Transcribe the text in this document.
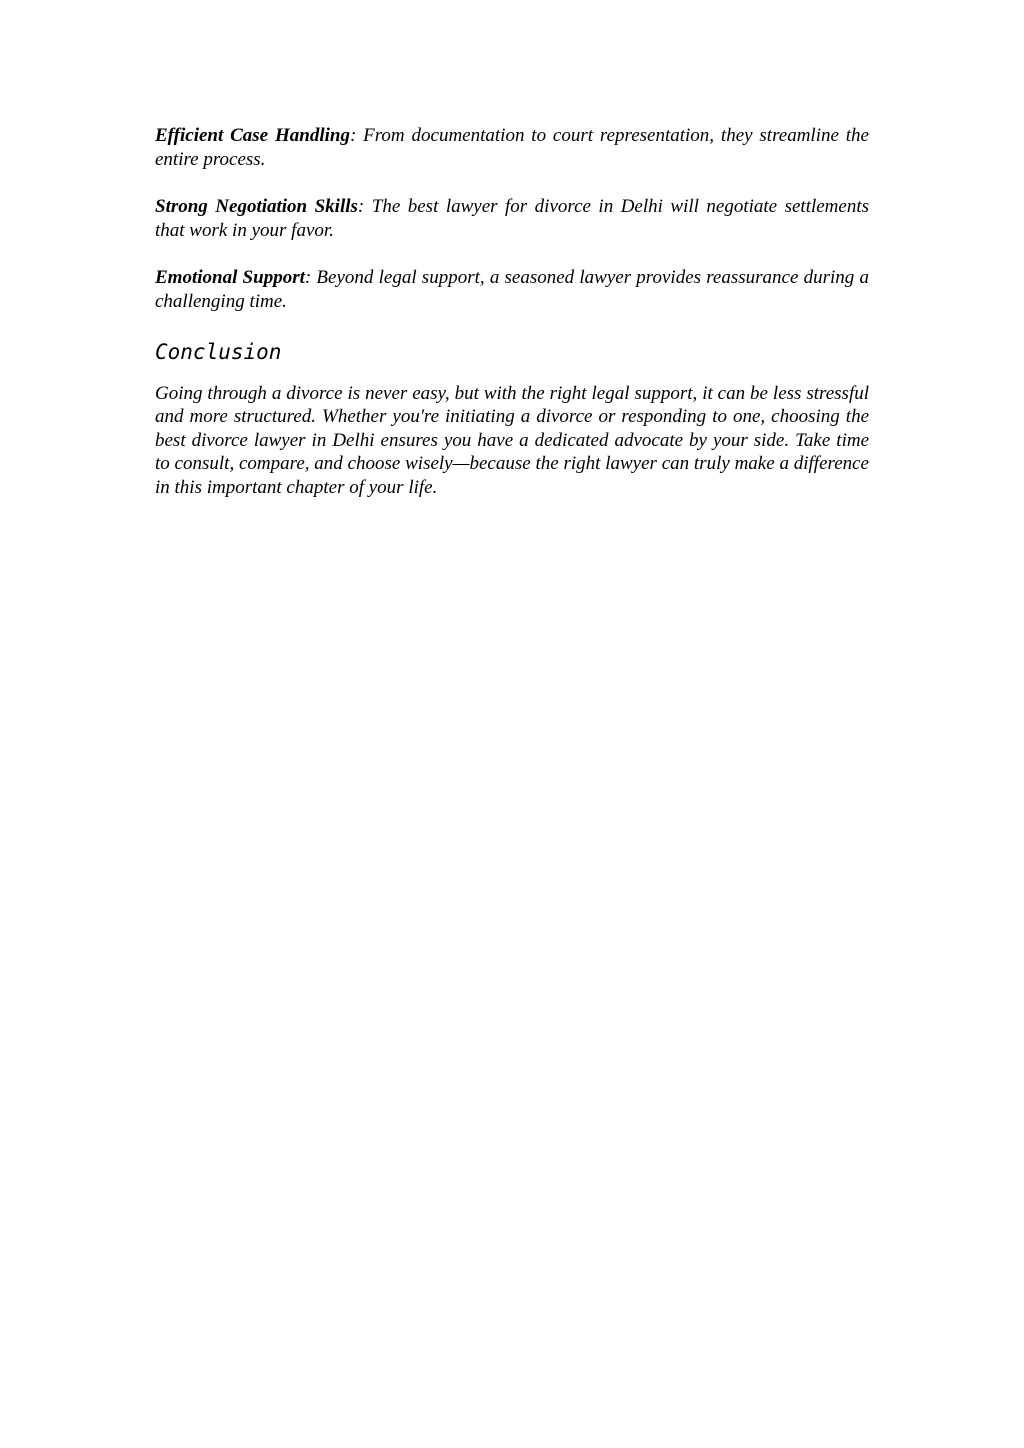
Efficient Case Handling: From documentation to court representation, they streamline the entire process.

Strong Negotiation Skills: The best lawyer for divorce in Delhi will negotiate settlements that work in your favor.

Emotional Support: Beyond legal support, a seasoned lawyer provides reassurance during a challenging time.

Conclusion

Going through a divorce is never easy, but with the right legal support, it can be less stressful and more structured. Whether you're initiating a divorce or responding to one, choosing the best divorce lawyer in Delhi ensures you have a dedicated advocate by your side. Take time to consult, compare, and choose wisely—because the right lawyer can truly make a difference in this important chapter of your life.
